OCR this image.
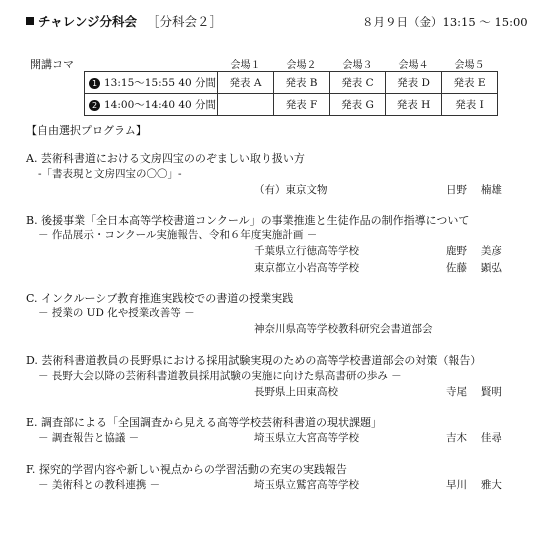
チャレンジ分科会 ［分科会２］	８月９日（金）13:15 ～ 15:00
開講コマ
		会場１	会場２	会場３	会場４	会場５
1 13:15～15:55 40 分間	発表 A	発表 B	発表 C	発表 D	発表 E
2 14:00～14:40 40 分間		発表 F	発表 G	発表 H	発表 I
【自由選択プログラム】
A. 芸術科書道における文房四宝ののぞましい取り扱い方
-「書表現と文房四宝の〇〇」-
（有）東京文物	日野　 楠雄
B. 後援事業「全日本高等学校書道コンクール」の事業推進と生徒作品の制作指導について
－ 作品展示・コンクール実施報告、令和６年度実施計画 －
千葉県立行徳高等学校	鹿野　 美彦
東京都立小岩高等学校	佐藤　 顕弘
C. インクルーシブ教育推進実践校での書道の授業実践
－ 授業の UD 化や授業改善等 －
神奈川県高等学校教科研究会書道部会
D. 芸術科書道教員の長野県における採用試験実現のための高等学校書道部会の対策（報告）
－ 長野大会以降の芸術科書道教員採用試験の実施に向けた県高書研の歩み －
長野県上田東高校	寺尾　 賢明
E. 調査部による「全国調査から見える高等学校芸術科書道の現状課題」
－ 調査報告と協議 －	埼玉県立大宮高等学校	吉木　 佳尋
F. 探究的学習内容や新しい視点からの学習活動の充実の実践報告
－ 美術科との教科連携 －	埼玉県立鷲宮高等学校	早川　 雅大
